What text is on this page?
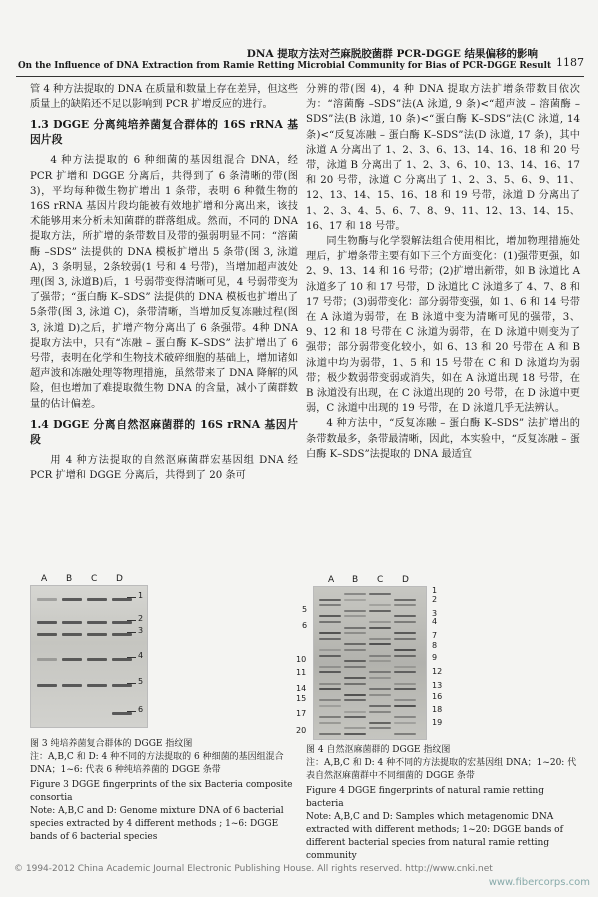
DNA 提取方法对苎麻脱胶菌群 PCR-DGGE 结果偏移的影响
On the Influence of DNA Extraction from Ramie Retting Microbial Community for Bias of PCR-DGGE Result 1187

管 4 种方法提取的 DNA 在质量和数量上存在差异，但这些质量上的缺陷还不足以影响到 PCR 扩增反应的进行。

1.3 DGGE 分离纯培养菌复合群体的 16S rRNA 基因片段

4 种方法提取的 6 种细菌的基因组混合 DNA，经 PCR 扩增和 DGGE 分离后，共得到了 6 条清晰的带(图 3)，平均每种微生物扩增出 1 条带，表明 6 种微生物的 16S rRNA 基因片段均能被有效地扩增和分离出来，该技术能够用来分析未知菌群的群落组成。然而，不同的 DNA 提取方法，所扩增的条带数目及带的强弱明显不同：“溶菌酶 –SDS” 法提供的 DNA 模板扩增出 5 条带(图 3, 泳道 A)，3 条明显，2条较弱(1 号和 4 号带)，当增加超声波处理(图 3, 泳道B)后，1 号弱带变得清晰可见，4 号弱带变为了强带；“蛋白酶 K–SDS” 法提供的 DNA 模板也扩增出了 5条带(图 3, 泳道 C)，条带清晰，当增加反复冻融过程(图 3, 泳道 D)之后，扩增产物分离出了 6 条强带。4种 DNA 提取方法中，只有“冻融 – 蛋白酶 K–SDS” 法扩增出了 6 号带，表明在化学和生物技术破碎细胞的基础上，增加诸如超声波和冻融处理等物理措施，虽然带来了 DNA 降解的风险，但也增加了难提取微生物 DNA 的含量，减小了菌群数量的估计偏差。

1.4 DGGE 分离自然沤麻菌群的 16S rRNA 基因片段

用 4 种方法提取的自然沤麻菌群宏基因组 DNA 经 PCR 扩增和 DGGE 分离后，共得到了 20 条可

分辨的带(图 4)，4 种 DNA 提取方法扩增条带数目依次为：“溶菌酶 –SDS”法(A 泳道, 9 条)<“超声波 – 溶菌酶 –SDS”法(B 泳道, 10 条)<“蛋白酶 K–SDS”法(C 泳道, 14 条)<“反复冻融 – 蛋白酶 K–SDS”法(D 泳道, 17 条)，其中泳道 A 分离出了 1、2、3、6、13、14、16、18 和 20 号带，泳道 B 分离出了 1、2、3、6、10、13、14、16、17 和 20 号带，泳道 C 分离出了 1、2、3、5、6、9、11、12、13、14、15、16、18 和 19 号带，泳道 D 分离出了 1、2、3、4、5、6、7、8、9、11、12、13、14、15、16、17 和 18 号带。

同生物酶与化学裂解法组合使用相比，增加物理措施处理后，扩增条带主要有如下三个方面变化：(1)强带更强，如 2、9、13、14 和 16 号带；(2)扩增出新带，如 B 泳道比 A 泳道多了 10 和 17 号带，D 泳道比 C 泳道多了 4、7、8 和 17 号带；(3)弱带变化：部分弱带变强，如 1、6 和 14 号带在 A 泳道为弱带，在 B 泳道中变为清晰可见的强带，3、9、12 和 18 号带在 C 泳道为弱带，在 D 泳道中则变为了强带；部分弱带变化较小，如 6、13 和 20 号带在 A 和 B 泳道中均为弱带，1、5 和 15 号带在 C 和 D 泳道均为弱带；极少数弱带变弱或消失，如在 A 泳道出现 18 号带，在 B 泳道没有出现，在 C 泳道出现的 20 号带，在 D 泳道中更弱，C 泳道中出现的 19 号带，在 D 泳道几乎无法辨认。

4 种方法中，“反复冻融 – 蛋白酶 K–SDS” 法扩增出的条带数最多，条带最清晰，因此，本实验中，“反复冻融 – 蛋白酶 K–SDS”法提取的 DNA 最适宜

A B C D
1
2
3
4
5
6

图 3 纯培养菌复合群体的 DGGE 指纹图

注：A,B,C 和 D: 4 种不同的方法提取的 6 种细菌的基因组混合 DNA；1~6: 代表 6 种纯培养菌的 DGGE 条带

Figure 3 DGGE fingerprints of the six Bacteria composite consortia

Note: A,B,C and D: Genome mixture DNA of 6 bacterial species extracted by 4 different methods ; 1~6: DGGE bands of 6 bacterial species

A B C D
5
6
10
11
14
15
17
20
1
2
3
4
7
8
9
12
13
16
18
19

图 4 自然沤麻菌群的 DGGE 指纹图

注：A,B,C 和 D: 4 种不同的方法提取的宏基因组 DNA；1~20: 代表自然沤麻菌群中不同细菌的 DGGE 条带

Figure 4 DGGE fingerprints of natural ramie retting bacteria

Note: A,B,C and D: Samples which metagenomic DNA extracted with different methods; 1~20: DGGE bands of different bacterial species from natural ramie retting community

© 1994-2012 China Academic Journal Electronic Publishing House. All rights reserved. http://www.cnki.net
www.fibercorps.com
